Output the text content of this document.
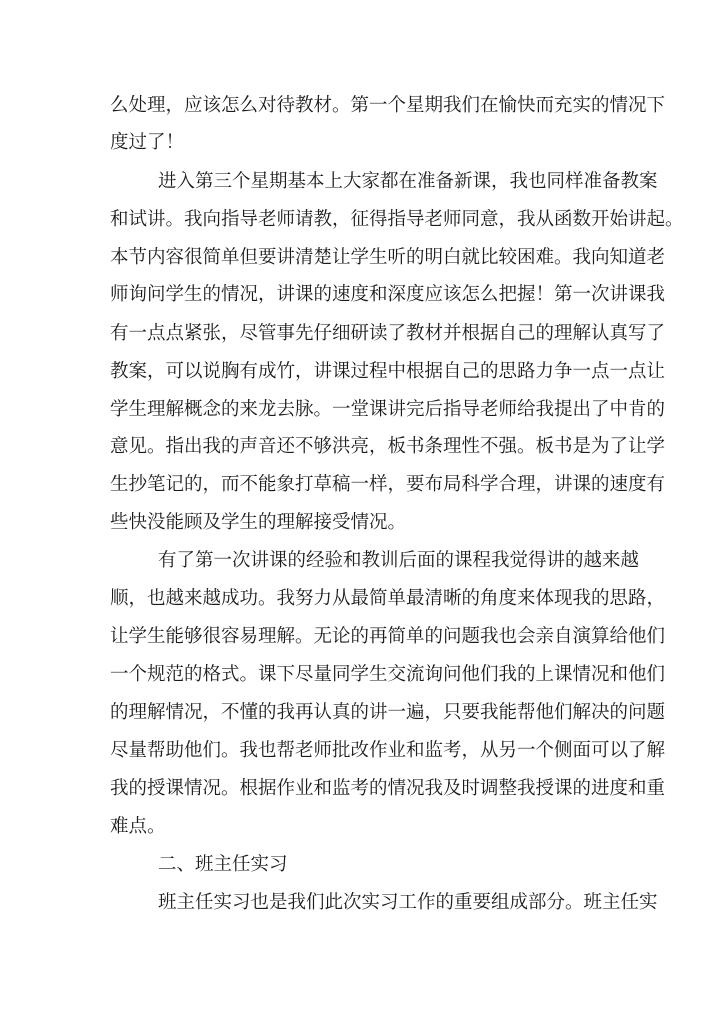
么处理，应该怎么对待教材。第一个星期我们在愉快而充实的情况下
度过了！
进入第三个星期基本上大家都在准备新课，我也同样准备教案
和试讲。我向指导老师请教，征得指导老师同意，我从函数开始讲起。
本节内容很简单但要讲清楚让学生听的明白就比较困难。我向知道老
师询问学生的情况，讲课的速度和深度应该怎么把握！第一次讲课我
有一点点紧张，尽管事先仔细研读了教材并根据自己的理解认真写了
教案，可以说胸有成竹，讲课过程中根据自己的思路力争一点一点让
学生理解概念的来龙去脉。一堂课讲完后指导老师给我提出了中肯的
意见。指出我的声音还不够洪亮，板书条理性不强。板书是为了让学
生抄笔记的，而不能象打草稿一样，要布局科学合理，讲课的速度有
些快没能顾及学生的理解接受情况。
有了第一次讲课的经验和教训后面的课程我觉得讲的越来越
顺，也越来越成功。我努力从最简单最清晰的角度来体现我的思路，
让学生能够很容易理解。无论的再简单的问题我也会亲自演算给他们
一个规范的格式。课下尽量同学生交流询问他们我的上课情况和他们
的理解情况，不懂的我再认真的讲一遍，只要我能帮他们解决的问题
尽量帮助他们。我也帮老师批改作业和监考，从另一个侧面可以了解
我的授课情况。根据作业和监考的情况我及时调整我授课的进度和重
难点。
二、班主任实习
班主任实习也是我们此次实习工作的重要组成部分。班主任实
